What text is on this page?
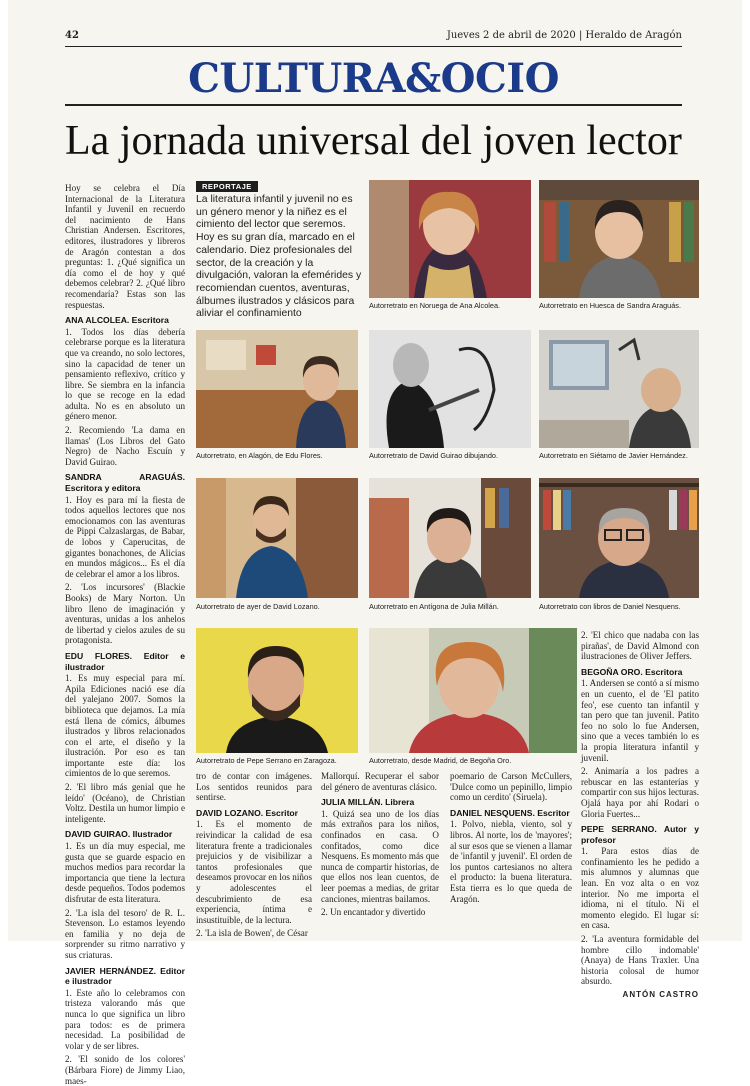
42	Jueves 2 de abril de 2020 | Heraldo de Aragón
CULTURA&OCIO
La jornada universal del joven lector

Hoy se celebra el Día Internacional de la Literatura Infantil y Juvenil en recuerdo del nacimiento de Hans Christian Andersen. Escritores, editores, ilustradores y libreros de Aragón contestan a dos preguntas: 1. ¿Qué significa un día como el de hoy y qué debemos celebrar? 2. ¿Qué libro recomendaría? Estas son las respuestas.

ANA ALCOLEA. Escritora

1. Todos los días debería celebrarse porque es la literatura que va creando, no solo lectores, sino la capacidad de tener un pensamiento reflexivo, crítico y libre. Se siembra en la infancia lo que se recoge en la edad adulta. No es en absoluto un género menor.

2. Recomiendo 'La dama en llamas' (Los Libros del Gato Negro) de Nacho Escuín y David Guirao.

SANDRA ARAGUÁS. Escritora y editora

1. Hoy es para mí la fiesta de todos aquellos lectores que nos emocionamos con las aventuras de Pippi Calzaslargas, de Babar, de lobos y Caperucitas, de gigantes bonachones, de Alicias en mundos mágicos... Es el día de celebrar el amor a los libros.

2. 'Los incursores' (Blackie Books) de Mary Norton. Un libro lleno de imaginación y aventuras, unidas a los anhelos de libertad y cielos azules de su protagonista.

EDU FLORES. Editor e ilustrador

1. Es muy especial para mí. Apila Ediciones nació ese día del yalejano 2007. Somos la biblioteca que dejamos. La mía está llena de cómics, álbumes ilustrados y libros relacionados con el arte, el diseño y la ilustración. Por eso es tan importante este día: los cimientos de lo que seremos.

2. 'El libro más genial que he leído' (Océano), de Christian Voltz. Destila un humor limpio e inteligente.

DAVID GUIRAO. Ilustrador

1. Es un día muy especial, me gusta que se guarde espacio en muchos medios para recordar la importancia que tiene la lectura desde pequeños. Todos podemos disfrutar de esta literatura.

2. 'La isla del tesoro' de R. L. Stevenson. Lo estamos leyendo en familia y no deja de sorprender su ritmo narrativo y sus criaturas.

JAVIER HERNÁNDEZ. Editor e ilustrador

1. Este año lo celebramos con tristeza valorando más que nunca lo que significa un libro para todos: es de primera necesidad. La posibilidad de volar y de ser libres.

2. 'El sonido de los colores' (Bárbara Fiore) de Jimmy Liao, maes-

REPORTAJE
La literatura infantil y juvenil no es un género menor y la niñez es el cimiento del lector que seremos. Hoy es su gran día, marcado en el calendario. Diez profesionales del sector, de la creación y la divulgación, valoran la efemérides y recomiendan cuentos, aventuras, álbumes ilustrados y clásicos para aliviar el confinamiento
Autorretrato en Noruega de Ana Alcolea.	Autorretrato en Huesca de Sandra Araguás.
Autorretrato, en Alagón, de Edu Flores.	Autorretrato de David Guirao dibujando.	Autorretrato en Siétamo de Javier Hernández.
Autorretrato de ayer de David Lozano.	Autorretrato en Antígona de Julia Millán.	Autorretrato con libros de Daniel Nesquens.
Autorretrato de Pepe Serrano en Zaragoza.	Autorretrato, desde Madrid, de Begoña Oro.

tro de contar con imágenes. Los sentidos reunidos para sentirse.

DAVID LOZANO. Escritor

1. Es el momento de reivindicar la calidad de esa literatura frente a tradicionales prejuicios y de visibilizar a tantos profesionales que deseamos provocar en los niños y adolescentes el descubrimiento de esa experiencia, íntima e insustituible, de la lectura.

2. 'La isla de Bowen', de César

Mallorquí. Recuperar el sabor del género de aventuras clásico.

JULIA MILLÁN. Librera

1. Quizá sea uno de los días más extraños para los niños, confinados en casa. O confitados, como dice Nesquens. Es momento más que nunca de compartir historias, de que ellos nos lean cuentos, de leer poemas a medias, de gritar canciones, mientras bailamos.

2. Un encantador y divertido

poemario de Carson McCullers, 'Dulce como un pepinillo, limpio como un cerdito' (Siruela).

DANIEL NESQUENS. Escritor

1. Polvo, niebla, viento, sol y libros. Al norte, los de 'mayores'; al sur esos que se vienen a llamar de 'infantil y juvenil'. El orden de los puntos cartesianos no altera el producto: la buena literatura. Esta tierra es lo que queda de Aragón.

2. 'El chico que nadaba con las pirañas', de David Almond con ilustraciones de Oliver Jeffers.

BEGOÑA ORO. Escritora

1. Andersen se contó a sí mismo en un cuento, el de 'El patito feo', ese cuento tan infantil y tan pero que tan juvenil. Patito feo no solo lo fue Andersen, sino que a veces también lo es la propia literatura infantil y juvenil.

2. Animaría a los padres a rebuscar en las estanterías y compartir con sus hijos lecturas. Ojalá haya por ahí Rodari o Gloria Fuertes...

PEPE SERRANO. Autor y profesor

1. Para estos días de confinamiento les he pedido a mis alumnos y alumnas que lean. En voz alta o en voz interior. No me importa el idioma, ni el título. Ni el momento elegido. El lugar sí: en casa.

2. 'La aventura formidable del hombre cillo indomable' (Anaya) de Hans Traxler. Una historia colosal de humor absurdo.

ANTÓN CASTRO
